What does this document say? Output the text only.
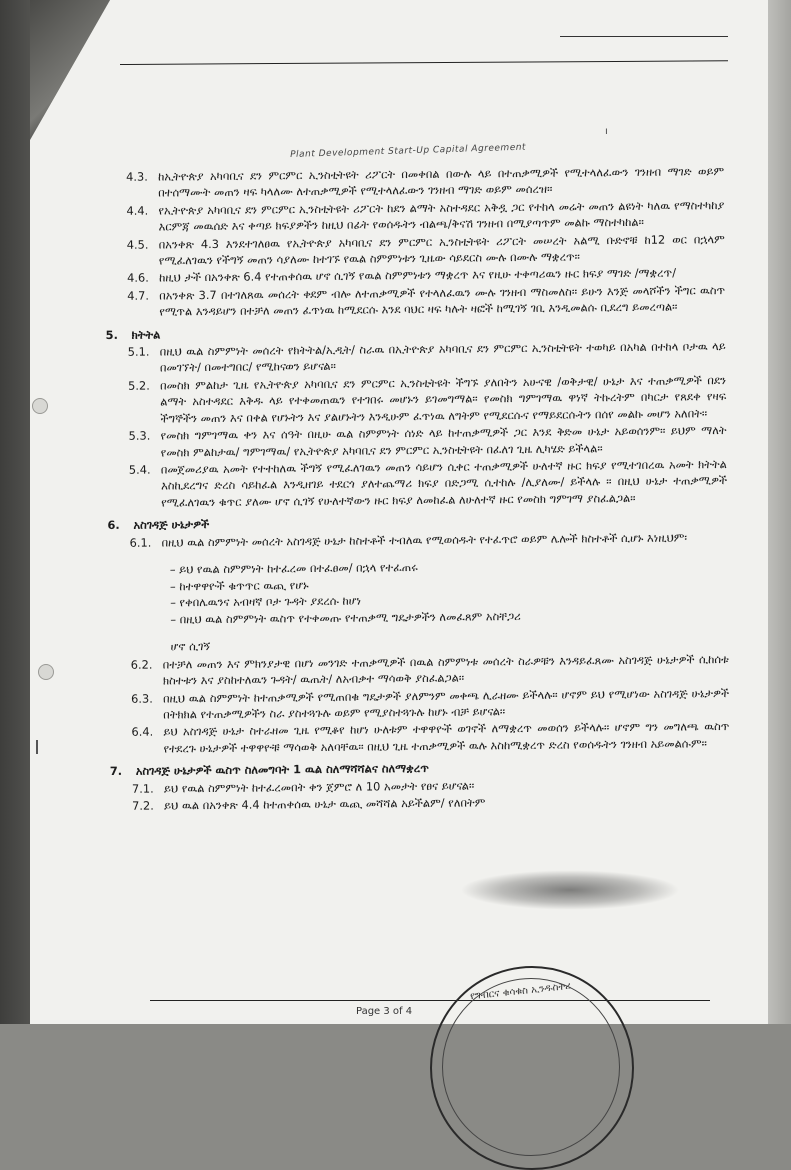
ı
Plant Development Start-Up Capital Agreement
4.3. ከኢትዮጵያ አካባቢና ደን ምርምር ኢንስቲትዩት ሪፖርት በመቀበል በውሉ ላይ በተጠቃሚዎች የሚተላለፈውን ገንዘብ ማገድ ወይም በተሰማሙት መጠን ዛፍ ካላለሙ ለተጠቃሚዎች የሚተላለፈውን ገንዘብ ማገድ ወይም መሰረዝ።
4.4. የኢትዮጵያ አካባቢና ደን ምርምር ኢንስቲትዩት ሪፖርት ከደን ልማት አስተዳደር አቅዷ ጋር የተከላ መሬት መጠን ልዩነት ካለዉ የማስተካከያ እርምጃ መዉሰድ እና ቀጣይ ክፍያዎችን ከዚህ በፊት የወሰዱትን ብልጫ/ቅናሽ ገንዘብ በሚያጣጥም መልኩ ማስተካከል።
4.5. በአንቀጽ 4.3 እንደተገለፀዉ የኢትዮጵያ አካባቢና ደን ምርምር ኢንስቲትዩት ሪፖርት መሠረት አልሚ ቡድኖቹ ከ12 ወር በኋላም የሚፈለገዉን የችግኝ መጠን ሳያለሙ ከተገኙ የዉል ስምምነቱን ጊዜው ሳይደርስ ሙሉ በሙሉ ማቋረጥ።
4.6. ከዚህ ታች በአንቀጽ 6.4 የተጠቀሰዉ ሆኖ ሲገኝ የዉል ስምምነቱን ማቋረጥ እና የዚሁ ተቀጣሪዉን ዙር ክፍያ ማገድ /ማቋረጥ/
4.7. በአንቀጽ 3.7 በተገለጸዉ መሰረት ቀደም ብሎ ለተጠቃሚዎች የተላለፈዉን ሙሉ ገንዘብ ማስመለስ። ይሁን እንጅ መላሾችን ችግር ዉስጥ የሚጥል እንዳይሆን በተቻለ መጠን ፈጥነዉ ከሚደርሱ እንደ ባህር ዛፍ ካሉት ዛፎች ከሚገኝ ገቢ እንዲመልሱ ቢደረግ ይመረጣል።
5.	ክትትል
5.1. በዚህ ዉል ስምምነት መሰረት የክትትል/ኢዲት/ ስራዉ በኢትዮጵያ አካባቢና ደን ምርምር ኢንስቲትዩት ተወካይ በአካል በተከላ ቦታዉ ላይ በመገኘት/ በመተግበር/ የሚከናወን ይሆናል።
5.2. በመስክ ምልከታ ጊዜ የኢትዮጵያ አካባቢና ደን ምርምር ኢንስቲትዩት ችግኙ ያለበትን አሁናዊ /ወቅታዊ/ ሁኔታ እና ተጠቃሚዎች በደን ልማት አስተዳደር እቅዱ ላይ የተቀመጠዉን የተገበሩ መሆኑን ይገመግማል። የመስክ ግምገማዉ ዋነኛ ትኩረትም በካርታ የጸደቀ የዛፍ ችግኞችን መጠን እና በቀል የሆኑትን እና ያልሆኑትን እንዲሁም ፈጥነዉ ለግትም የሚደርሱና የማይደርሱትን በሰየ መልኩ መሆን አለበት።
5.3. የመስክ ግምገማዉ ቀን እና ሰዓት በዚሁ ዉል ስምምነት ሰነድ ላይ ከተጠቃሚዎች ጋር እንደ ቅድመ ሁኔታ አይወሰንም። ይህም ማለት የመስክ ምልከታዉ/ ግምገማዉ/ የኢትዮጵያ አካባቢና ደን ምርምር ኢንስቲትዩት በፈለገ ጊዜ ሊካሄድ ይችላል።
5.4. በመጀመሪያዉ አመት የተተከለዉ ችግኝ የሚፈለገዉን መጠን ሳይሆን ሲቀር ተጠቃሚዎች ሁለተኛ ዙር ክፍያ የሚተገበረዉ አመት ክትትል እስኪደረግና ድረስ ሳይከፈል እንዲዘገይ ተደርጎ ያለተጨማሪ ክፍያ በድጋሚ ሲተከሉ /ሊያለሙ/ ይችላሉ ። በዚህ ሁኔታ ተጠቃሚዎች የሚፈለገዉን ቁጥር ያለሙ ሆኖ ሲገኝ የሁለተኛውን ዙር ክፍያ ለመከፈል ለሁለተኛ ዙር የመስክ ግምገማ ያስፈልጋል።
6.	አስገዳጅ ሁኔታዎች
6.1. በዚህ ዉል ስምምነት መሰረት አስገዳጅ ሁኔታ ከስተቶች ተብለዉ የሚወሰዱት የተፈጥሮ ወይም ሌሎች ክስተቶች ሲሆኑ እነዚህም፡
– ይህ የዉል ስምምነት ከተፈረመ በተፈፀመ/ በኋላ የተፈጠሩ
– ከተዋዋዮች ቁጥጥር ዉጪ የሆኑ
– የቀበሌዉንና አብዛኛ ቦታ ጉዳት ያደረሱ ከሆነ
– በዚህ ዉል ስምምነት ዉስጥ የተቀመጡ የተጠቃሚ ግዴታዎችን ለመፈጸም አስቸጋሪ
ሆኖ ሲገኝ
6.2. በተቻለ መጠን እና ምክንያታዊ በሆነ መንገድ ተጠቃሚዎች በዉል ስምምነቱ መሰረት ስራዎቹን እንዳይፈጸሙ አስገዳጅ ሁኔታዎች ሲከሰቱ ክስተቱን እና ያስከተለዉን ጉዳት/ ዉጤት/ ለአብቃተ ማሳወቅ ያስፈልጋል።
6.3. በዚህ ዉል ስምምነት ከተጠቃሚዎች የሚጠበቁ ግዴታዎች ያለምንም መቀጫ ሊራዘሙ ይችላሉ። ሆኖም ይህ የሚሆነው አስገዳጅ ሁኔታዎች በትክክል የተጠቃሚዎችን ስራ ያስተጓጉሉ ወይም የሚያስተጓጉሉ ከሆኑ ብቻ ይሆናል።
6.4. ይህ አስገዳጅ ሁኔታ ስተራዘመ ጊዜ የሚቆየ ከሆነ ሁለቱም ተዋዋዮች ወገኖች ለማቋረጥ መወሰን ይችላሉ። ሆኖም ግን መግለጫ ዉስጥ የተደረጉ ሁኔታዎች ተዋዋዮቹ ማሳወቅ አለባቸዉ። በዚህ ጊዜ ተጠቃሚዎች ዉሉ እስከሚቋረጥ ድረስ የወሰዱትን ገንዘብ አይመልሱም።
7.	አስገዳጅ ሁኔታዎች ዉስጥ ስለመግባት 1 ዉል ስለማሻሻልና ስለማቋረጥ
7.1. ይህ የዉል ስምምነት ከተፈረመበት ቀን ጀምሮ ለ 10 አመታት የፀና ይሆናል።
7.2. ይህ ዉል በአንቀጽ 4.4 ከተጠቀሰዉ ሁኔታ ዉጪ መሻሻል አይችልም/ የለበትም
Page 3 of 4
የግብርና ቁሳቁስ ኢንዱስትሪ
